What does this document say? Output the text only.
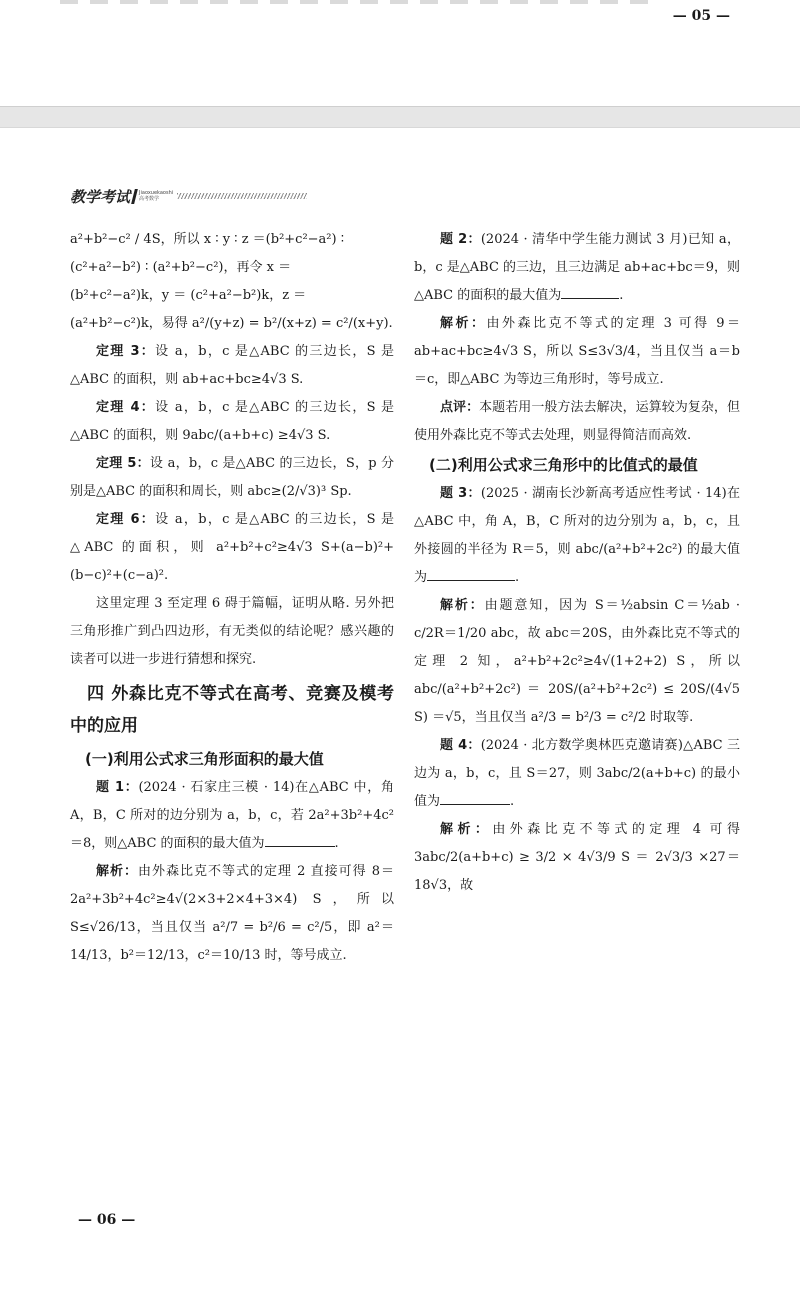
— 05 —
教学考试 Jiaoxuekaoshi
高考数学
a²+b²−c² / 4S，所以 x ∶ y ∶ z ＝(b²+c²−a²) ∶
(c²+a²−b²) ∶ (a²+b²−c²)，再令 x ＝
(b²+c²−a²)k，y ＝ (c²+a²−b²)k，z ＝
(a²+b²−c²)k，易得 a²/(y+z) = b²/(x+z) = c²/(x+y).
定理 3：设 a，b，c 是△ABC 的三边长，S 是△ABC 的面积，则 ab+ac+bc≥4√3 S.
定理 4：设 a，b，c 是△ABC 的三边长，S 是△ABC 的面积，则 9abc/(a+b+c) ≥4√3 S.
定理 5：设 a，b，c 是△ABC 的三边长，S，p 分别是△ABC 的面积和周长，则 abc≥(2/√3)³ Sp.
定理 6：设 a，b，c 是△ABC 的三边长，S 是△ABC 的面积，则 a²+b²+c²≥4√3 S+(a−b)²+(b−c)²+(c−a)².
这里定理 3 至定理 6 碍于篇幅，证明从略. 另外把三角形推广到凸四边形，有无类似的结论呢？感兴趣的读者可以进一步进行猜想和探究.
四 外森比克不等式在高考、竞赛及模考中的应用
(一)利用公式求三角形面积的最大值
题 1：(2024 · 石家庄三模 · 14)在△ABC 中，角 A，B，C 所对的边分别为 a，b，c，若 2a²+3b²+4c²＝8，则△ABC 的面积的最大值为	.
解析：由外森比克不等式的定理 2 直接可得 8＝2a²+3b²+4c²≥4√(2×3+2×4+3×4) S，所以 S≤√26/13，当且仅当 a²/7 = b²/6 = c²/5，即 a²＝14/13，b²＝12/13，c²＝10/13 时，等号成立.
题 2：(2024 · 清华中学生能力测试 3 月)已知 a，b，c 是△ABC 的三边，且三边满足 ab+ac+bc＝9，则△ABC 的面积的最大值为	.
解析：由外森比克不等式的定理 3 可得 9＝ab+ac+bc≥4√3 S，所以 S≤3√3/4，当且仅当 a＝b＝c，即△ABC 为等边三角形时，等号成立.
点评：本题若用一般方法去解决，运算较为复杂，但使用外森比克不等式去处理，则显得简洁而高效.
(二)利用公式求三角形中的比值式的最值
题 3：(2025 · 湖南长沙新高考适应性考试 · 14)在△ABC 中，角 A，B，C 所对的边分别为 a，b，c，且外接圆的半径为 R＝5，则 abc/(a²+b²+2c²) 的最大值为	.
解析：由题意知，因为 S＝½absin C＝½ab · c/2R＝1/20 abc，故 abc＝20S，由外森比克不等式的定理 2 知，a²+b²+2c²≥4√(1+2+2) S，所以 abc/(a²+b²+2c²) ＝ 20S/(a²+b²+2c²) ≤ 20S/(4√5 S) ＝√5，当且仅当 a²/3 = b²/3 = c²/2 时取等.
题 4：(2024 · 北方数学奥林匹克邀请赛)△ABC 三边为 a，b，c，且 S＝27，则 3abc/2(a+b+c) 的最小值为	.
解析：由外森比克不等式的定理 4 可得 3abc/2(a+b+c) ≥ 3/2 × 4√3/9 S ＝ 2√3/3 ×27＝18√3，故
— 06 —
